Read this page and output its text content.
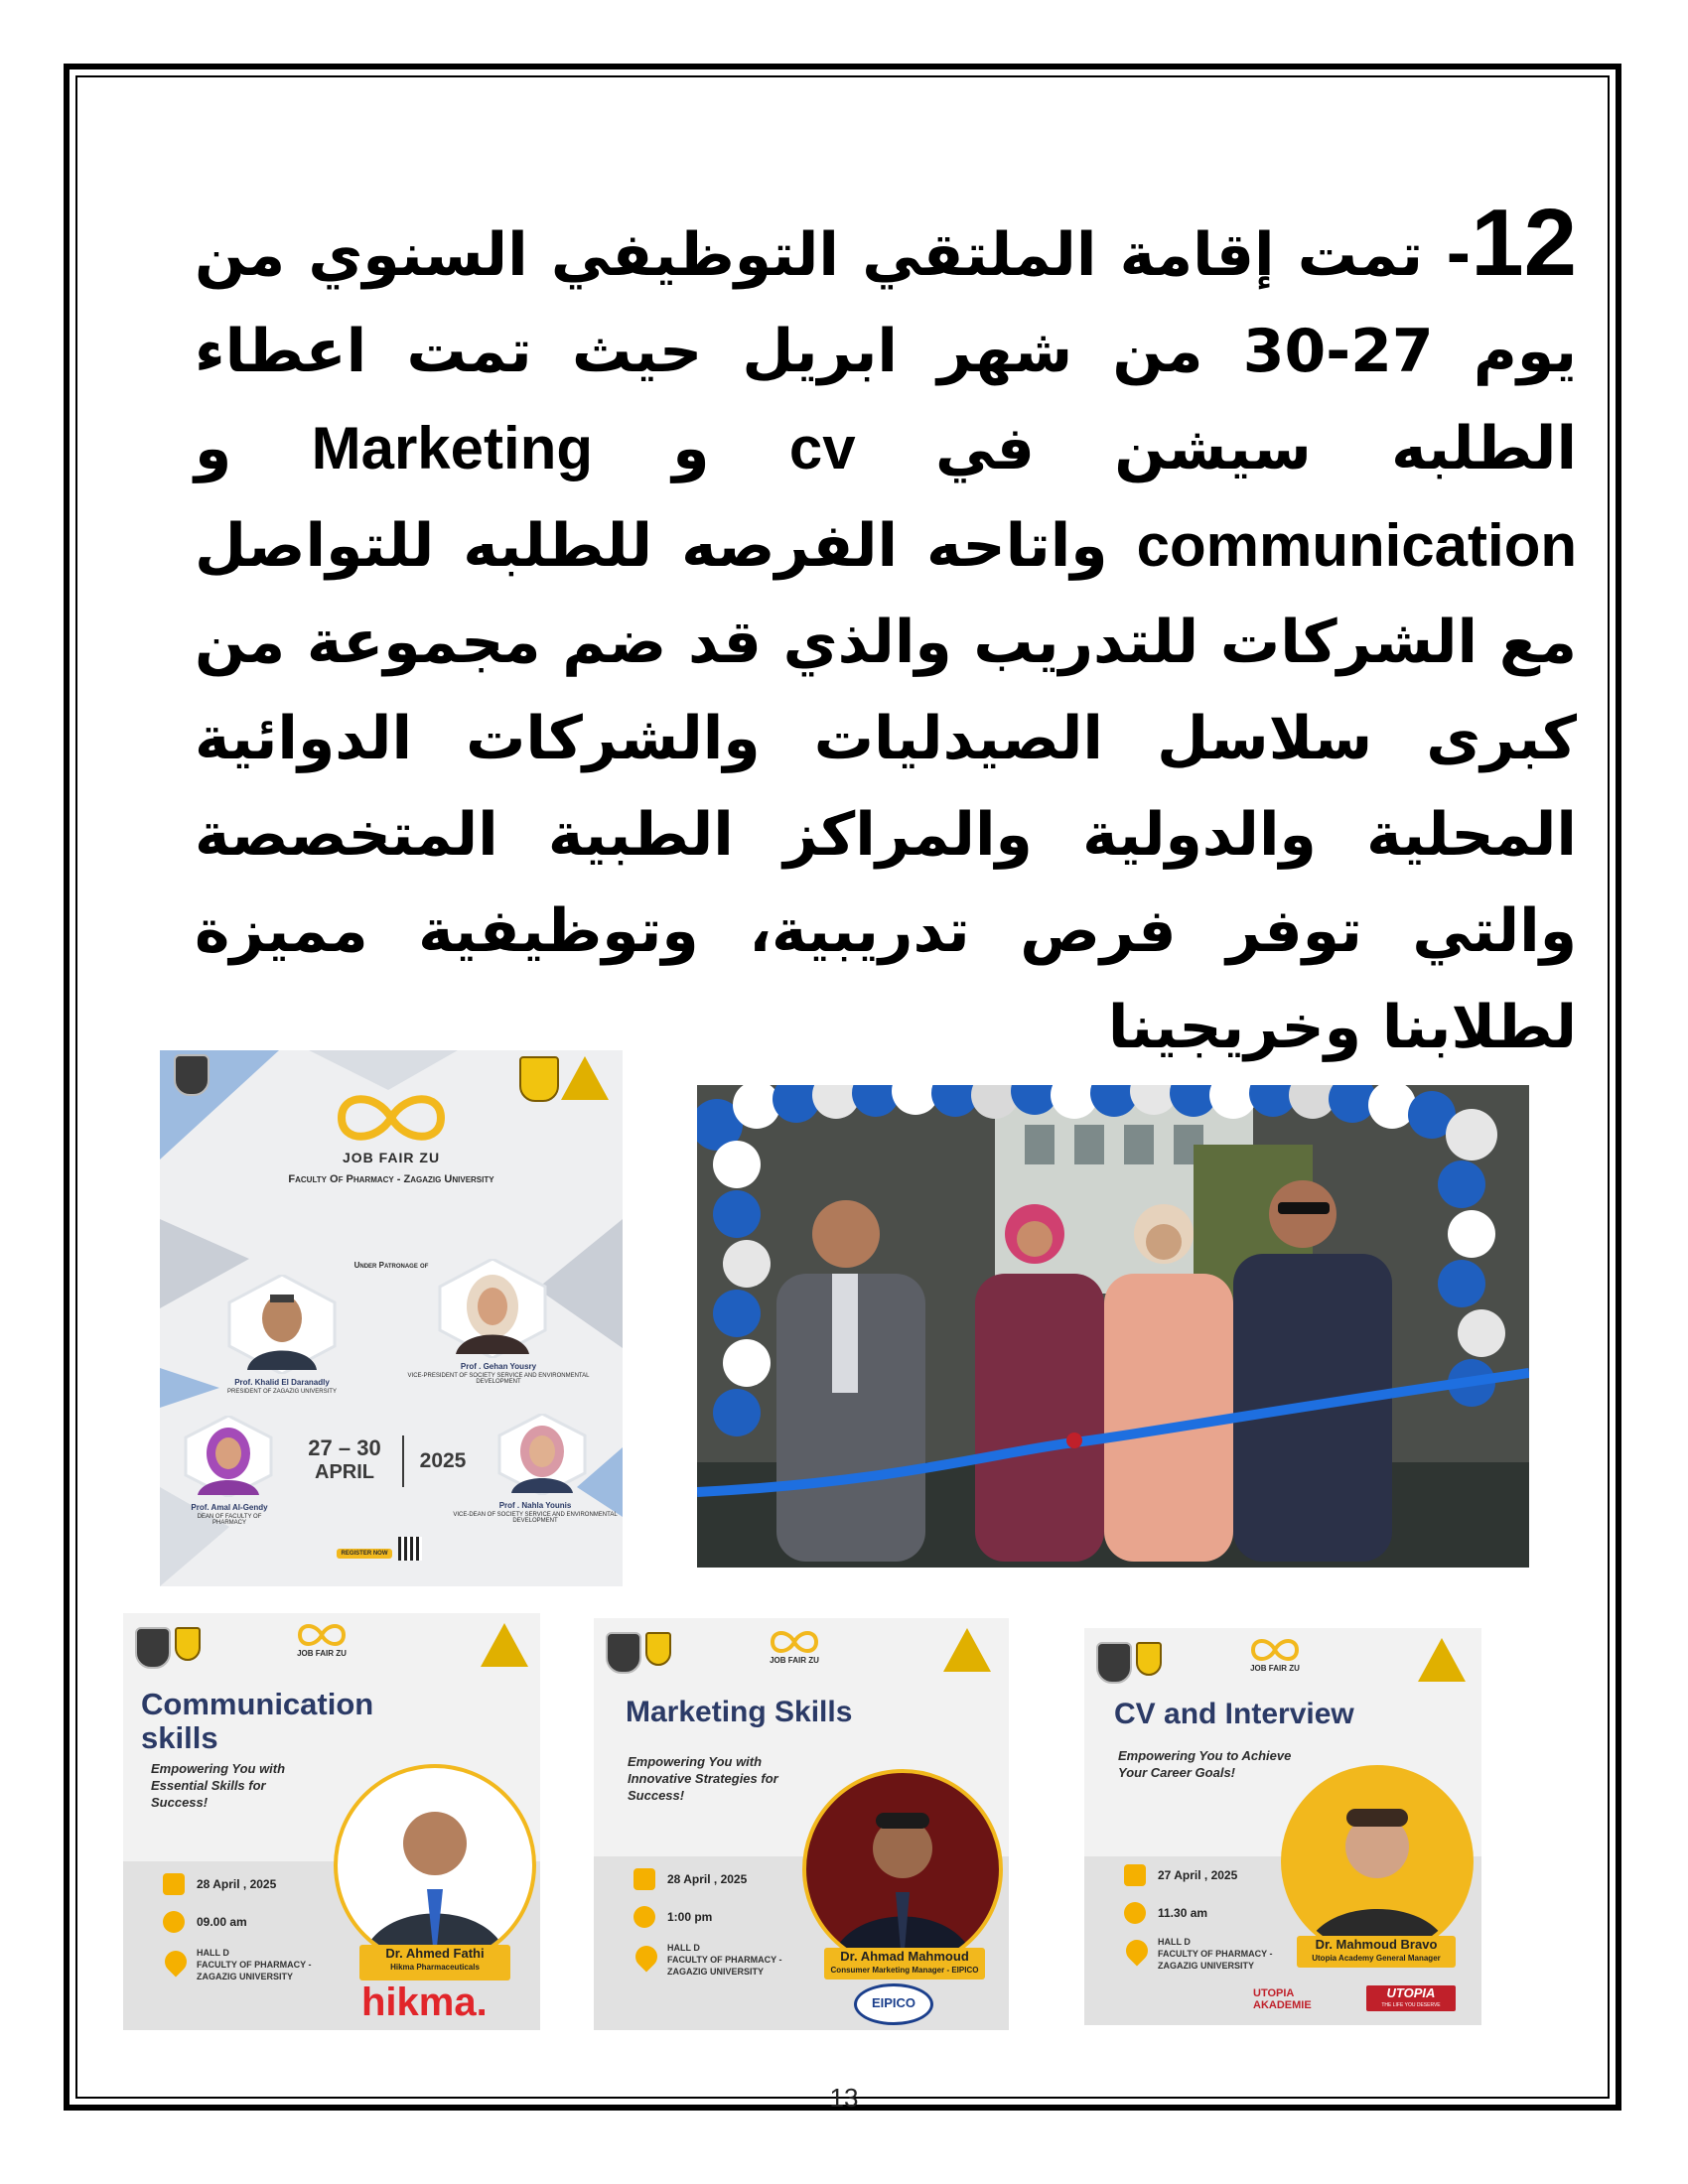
12- تمت إقامة الملتقي التوظيفي السنوي من يوم 27-30 من شهر ابريل حيث تمت اعطاء الطلبه سيشن في cv و Marketing و communication واتاحه الفرصه للطلبه للتواصل مع الشركات للتدريب والذي قد ضم مجموعة من كبرى سلاسل الصيدليات والشركات الدوائية المحلية والدولية والمراكز الطبية المتخصصة والتي توفر فرص تدريبية، وتوظيفية مميزة لطلابنا وخريجينا
JOB FAIR ZU
Faculty Of Pharmacy - Zagazig University
Under Patronage of
Prof. Khalid El Daranadly
PRESIDENT OF ZAGAZIG UNIVERSITY
Prof . Gehan Yousry
VICE-PRESIDENT OF SOCIETY SERVICE AND ENVIRONMENTAL DEVELOPMENT
Prof. Amal Al-Gendy
DEAN OF FACULTY OF PHARMACY
27 – 30
APRIL	2025
Prof . Nahla Younis
VICE-DEAN OF SOCIETY SERVICE AND ENVIRONMENTAL DEVELOPMENT
REGISTER NOW
JOB FAIR ZU
Communication
skills
Empowering You with Essential Skills for Success!
Dr. Ahmed Fathi
Hikma Pharmaceuticals
28 April , 2025
09.00 am
HALL D
FACULTY OF PHARMACY -
ZAGAZIG UNIVERSITY
hikma.
JOB FAIR ZU
Marketing Skills
Empowering You with Innovative Strategies for Success!
Dr. Ahmad Mahmoud
Consumer Marketing Manager - EIPICO
28 April , 2025
1:00 pm
HALL D
FACULTY OF PHARMACY -
ZAGAZIG UNIVERSITY
EIPICO
JOB FAIR ZU
CV and Interview
Empowering You to Achieve Your Career Goals!
Dr. Mahmoud Bravo
Utopia Academy General Manager
27 April , 2025
11.30 am
HALL D
FACULTY OF PHARMACY -
ZAGAZIG UNIVERSITY
UTOPIA AKADEMIE
UTOPIA
THE LIFE YOU DESERVE
13
